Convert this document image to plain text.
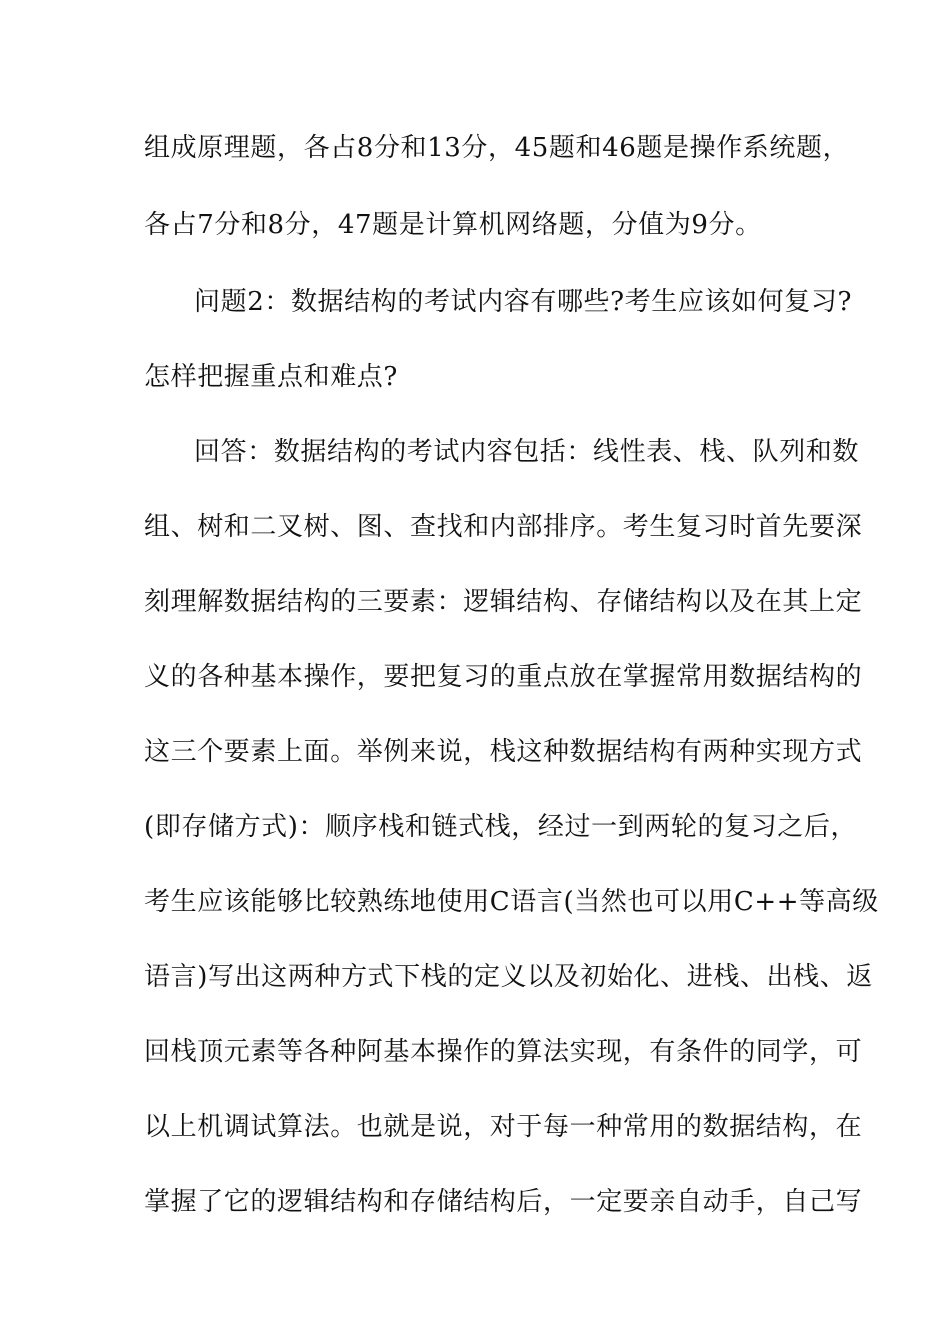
组成原理题，各占8分和13分，45题和46题是操作系统题，
各占7分和8分，47题是计算机网络题，分值为9分。
问题2：数据结构的考试内容有哪些?考生应该如何复习?
怎样把握重点和难点?
回答：数据结构的考试内容包括：线性表、栈、队列和数
组、树和二叉树、图、查找和内部排序。考生复习时首先要深
刻理解数据结构的三要素：逻辑结构、存储结构以及在其上定
义的各种基本操作，要把复习的重点放在掌握常用数据结构的
这三个要素上面。举例来说，栈这种数据结构有两种实现方式
(即存储方式)：顺序栈和链式栈，经过一到两轮的复习之后，
考生应该能够比较熟练地使用C语言(当然也可以用C++等高级
语言)写出这两种方式下栈的定义以及初始化、进栈、出栈、返
回栈顶元素等各种阿基本操作的算法实现，有条件的同学，可
以上机调试算法。也就是说，对于每一种常用的数据结构，在
掌握了它的逻辑结构和存储结构后，一定要亲自动手，自己写
